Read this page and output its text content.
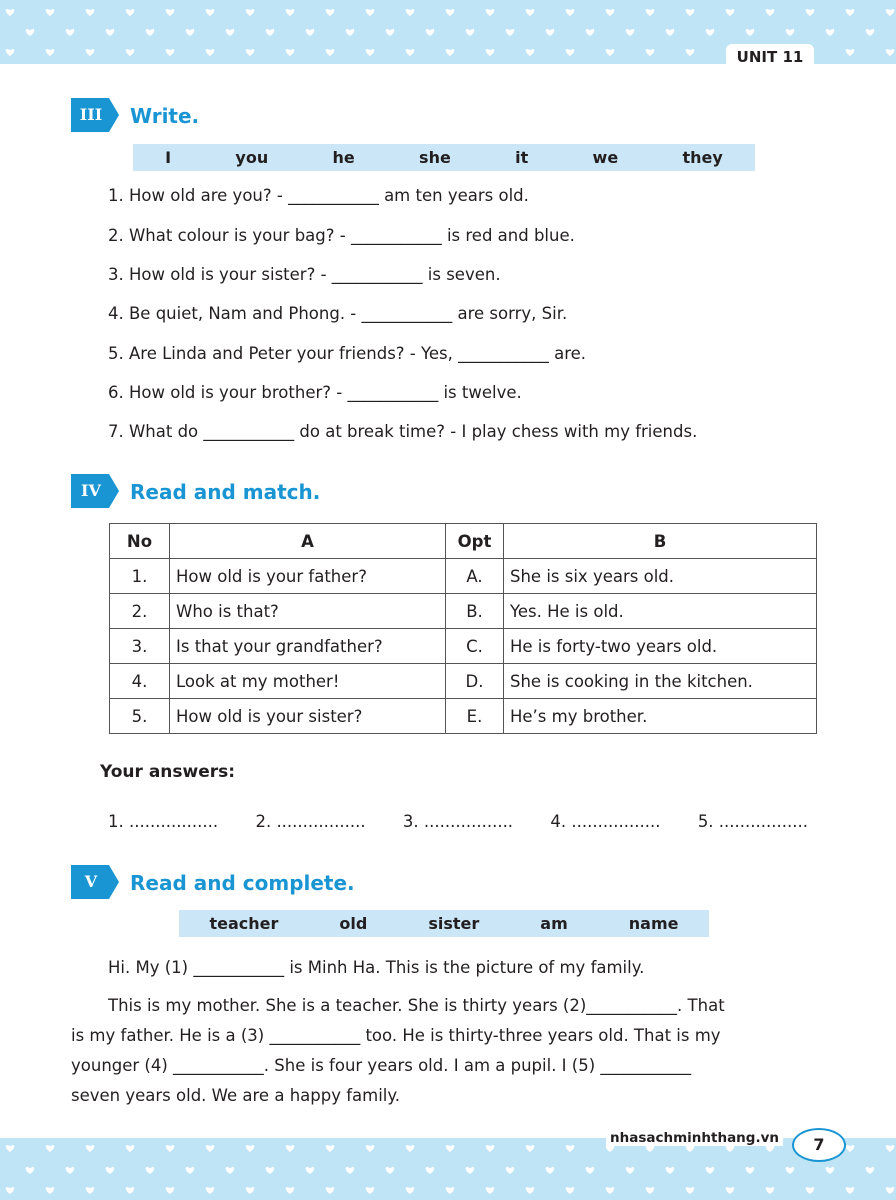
UNIT 11
III	Write.
I	you	he	she	it	we	they
1. How old are you? - ___________ am ten years old.
2. What colour is your bag? - ___________ is red and blue.
3. How old is your sister? - ___________ is seven.
4. Be quiet, Nam and Phong. - ___________ are sorry, Sir.
5. Are Linda and Peter your friends? - Yes, ___________ are.
6. How old is your brother? - ___________ is twelve.
7. What do ___________ do at break time? - I play chess with my friends.
IV	Read and match.
No	A	Opt	B
1.	How old is your father?	A.	She is six years old.
2.	Who is that?	B.	Yes. He is old.
3.	Is that your grandfather?	C.	He is forty-two years old.
4.	Look at my mother!	D.	She is cooking in the kitchen.
5.	How old is your sister?	E.	He’s my brother.
Your answers:
1. ................. 2. ................. 3. ................. 4. ................. 5. .................
V	Read and complete.
teacher	old	sister	am	name
Hi. My (1) ___________ is Minh Ha. This is the picture of my family.
This is my mother. She is a teacher. She is thirty years (2)___________. That
is my father. He is a (3) ___________ too. He is thirty-three years old. That is my
younger (4) ___________. She is four years old. I am a pupil. I (5) ___________
seven years old. We are a happy family.
nhasachminhthang.vn	7
